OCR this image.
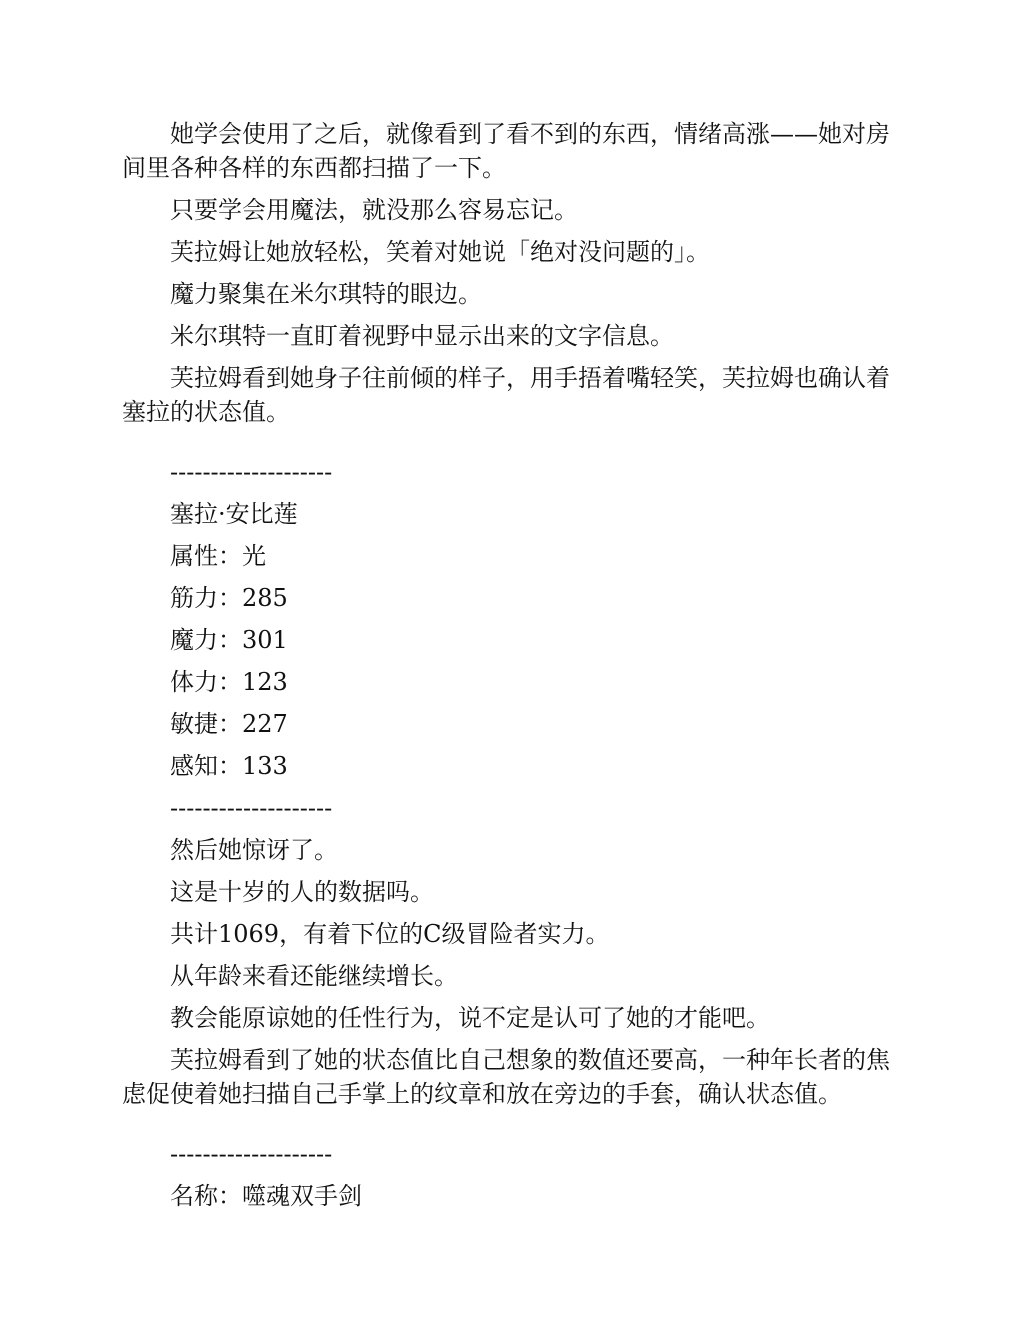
她学会使用了之后，就像看到了看不到的东西，情绪高涨——她对房间里各种各样的东西都扫描了一下。

只要学会用魔法，就没那么容易忘记。

芙拉姆让她放轻松，笑着对她说「绝对没问题的」。

魔力聚集在米尔琪特的眼边。

米尔琪特一直盯着视野中显示出来的文字信息。

芙拉姆看到她身子往前倾的样子，用手捂着嘴轻笑，芙拉姆也确认着塞拉的状态值。

--------------------

塞拉·安比莲

属性：光

筋力：285

魔力：301

体力：123

敏捷：227

感知：133

--------------------

然后她惊讶了。

这是十岁的人的数据吗。

共计1069，有着下位的C级冒险者实力。

从年龄来看还能继续增长。

教会能原谅她的任性行为，说不定是认可了她的才能吧。

芙拉姆看到了她的状态值比自己想象的数值还要高，一种年长者的焦虑促使着她扫描自己手掌上的纹章和放在旁边的手套，确认状态值。

--------------------

名称：噬魂双手剑
